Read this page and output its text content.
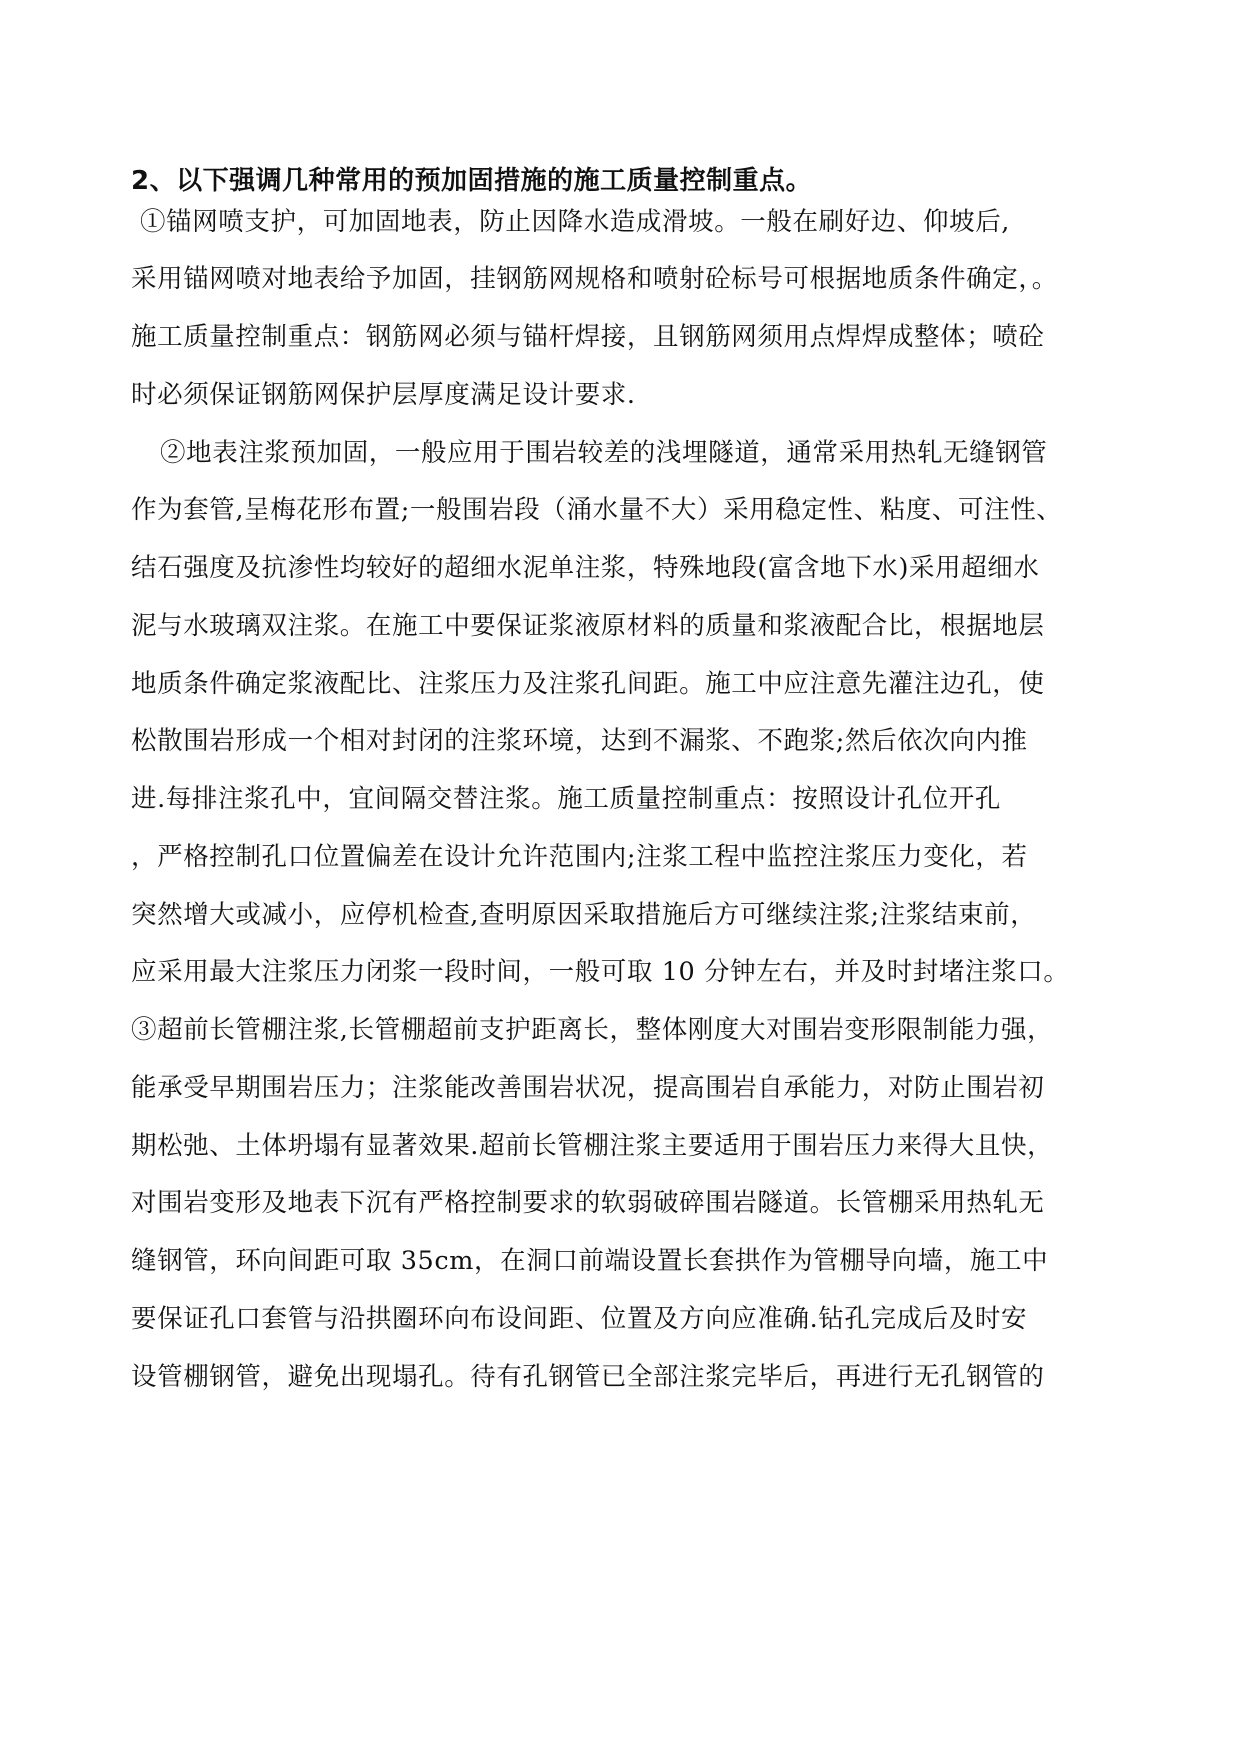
2、以下强调几种常用的预加固措施的施工质量控制重点。

①锚网喷支护，可加固地表，防止因降水造成滑坡。一般在刷好边、仰坡后,

采用锚网喷对地表给予加固，挂钢筋网规格和喷射砼标号可根据地质条件确定，。

施工质量控制重点：钢筋网必须与锚杆焊接，且钢筋网须用点焊焊成整体；喷砼

时必须保证钢筋网保护层厚度满足设计要求.

②地表注浆预加固，一般应用于围岩较差的浅埋隧道，通常采用热轧无缝钢管

作为套管,呈梅花形布置;一般围岩段（涌水量不大）采用稳定性、粘度、可注性、

结石强度及抗渗性均较好的超细水泥单注浆，特殊地段(富含地下水)采用超细水

泥与水玻璃双注浆。在施工中要保证浆液原材料的质量和浆液配合比，根据地层

地质条件确定浆液配比、注浆压力及注浆孔间距。施工中应注意先灌注边孔，使

松散围岩形成一个相对封闭的注浆环境，达到不漏浆、不跑浆;然后依次向内推

进.每排注浆孔中，宜间隔交替注浆。施工质量控制重点：按照设计孔位开孔

，严格控制孔口位置偏差在设计允许范围内;注浆工程中监控注浆压力变化，若

突然增大或减小，应停机检查,查明原因采取措施后方可继续注浆;注浆结束前，

应采用最大注浆压力闭浆一段时间，一般可取 10 分钟左右，并及时封堵注浆口。

③超前长管棚注浆,长管棚超前支护距离长，整体刚度大对围岩变形限制能力强，

能承受早期围岩压力；注浆能改善围岩状况，提高围岩自承能力，对防止围岩初

期松弛、土体坍塌有显著效果.超前长管棚注浆主要适用于围岩压力来得大且快，

对围岩变形及地表下沉有严格控制要求的软弱破碎围岩隧道。长管棚采用热轧无

缝钢管，环向间距可取 35cm，在洞口前端设置长套拱作为管棚导向墙，施工中

要保证孔口套管与沿拱圈环向布设间距、位置及方向应准确.钻孔完成后及时安

设管棚钢管，避免出现塌孔。待有孔钢管已全部注浆完毕后，再进行无孔钢管的
